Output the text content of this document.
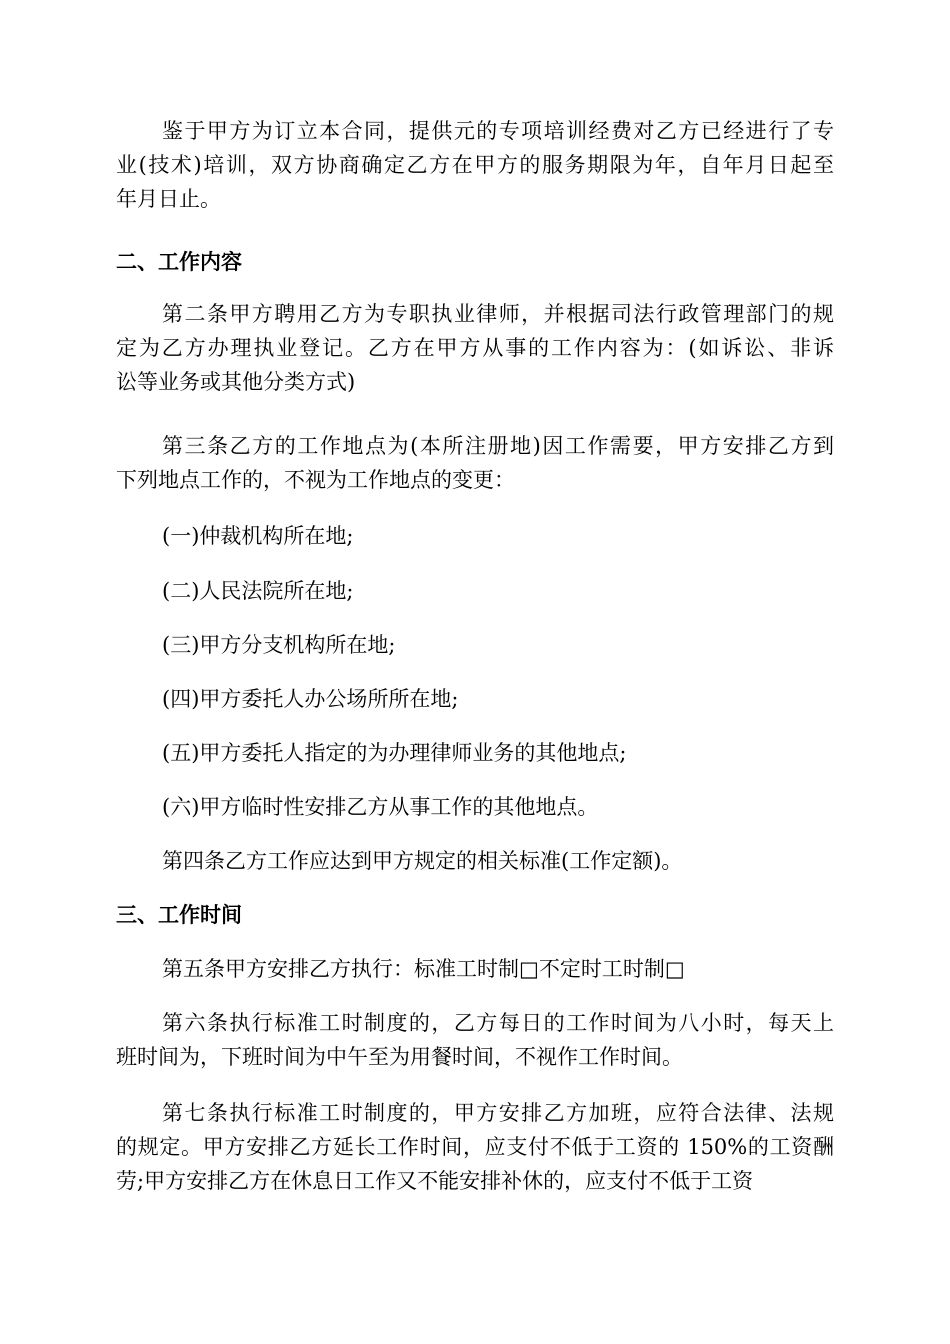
鉴于甲方为订立本合同，提供元的专项培训经费对乙方已经进行了专
业(技术)培训，双方协商确定乙方在甲方的服务期限为年，自年月日起至
年月日止。
二、工作内容
第二条甲方聘用乙方为专职执业律师，并根据司法行政管理部门的规
定为乙方办理执业登记。乙方在甲方从事的工作内容为：(如诉讼、非诉
讼等业务或其他分类方式)
第三条乙方的工作地点为(本所注册地)因工作需要，甲方安排乙方到
下列地点工作的，不视为工作地点的变更：
(一)仲裁机构所在地;
(二)人民法院所在地;
(三)甲方分支机构所在地;
(四)甲方委托人办公场所所在地;
(五)甲方委托人指定的为办理律师业务的其他地点;
(六)甲方临时性安排乙方从事工作的其他地点。
第四条乙方工作应达到甲方规定的相关标准(工作定额)。
三、工作时间
第五条甲方安排乙方执行：标准工时制□不定时工时制□
第六条执行标准工时制度的，乙方每日的工作时间为八小时，每天上
班时间为，下班时间为中午至为用餐时间，不视作工作时间。
第七条执行标准工时制度的，甲方安排乙方加班，应符合法律、法规
的规定。甲方安排乙方延长工作时间，应支付不低于工资的 150%的工资酬
劳;甲方安排乙方在休息日工作又不能安排补休的，应支付不低于工资
